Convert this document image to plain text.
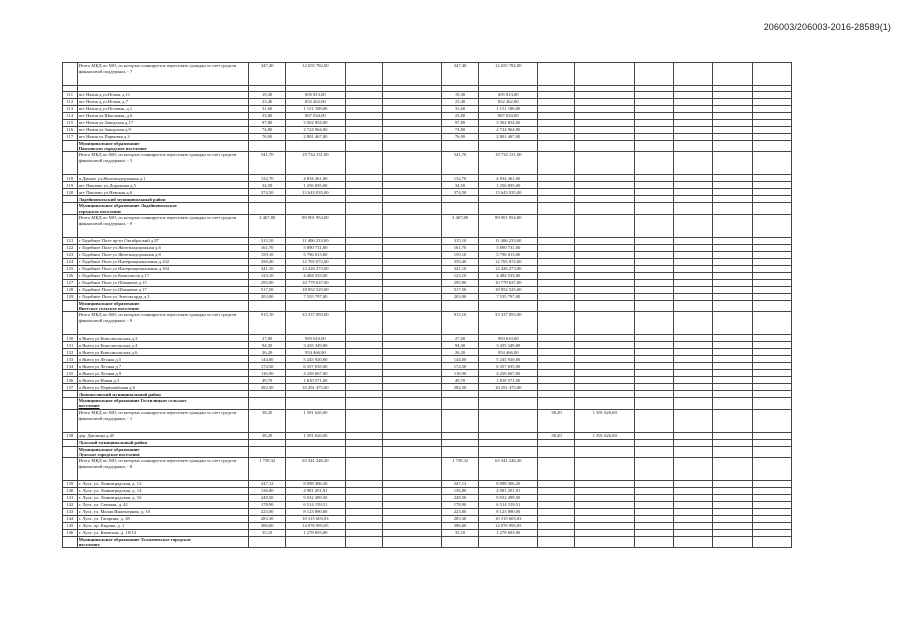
206003/206003-2016-28589(1)
	Итого МКД по МО, из которых планируется переселять граждан за счет средств финансовой поддержки, - 7	347,40	12 655 782,00			347,40	12 655 782,00						

111	пгт Назия д.ул.Новая, д.11	19,30	695 813,00			19,30	695 813,00						
112	пгт Назия д.ул.Новая, д.7	23,40	852 462,00			23,40	852 462,00						
113	пгт Назия д.ул.Полевая, д.1	31,60	1 151 188,00			31,60	1 151 188,00						
114	пгт Назия ул.Школьная, д.6	23,80	867 034,00			23,80	867 034,00						
115	пгт Назия ул.Заводская д.17	97,80	3 562 854,00			97,80	3 562 854,00						
116	пгт Назия ул.Заводская д.9	74,80	2 724 964,00			74,80	2 724 964,00						
117	пгт Назия ул.Парковая д.3	76,90	2 801 467,00			76,90	2 801 467,00						

	Муниципальное образование
Павловское городское поселение												

	Итого МКД по МО, из которых планируется переселять граждан за счет средств финансовой поддержки, - 3	541,70	19 734 131,00			541,70	19 734 131,00						
118	п Дачное ул.Железнодорожная д.1	132,70	4 834 261,00			132,70	4 834 261,00						
119	пгт Павлово ул.Дорожная д.5	34,50	1 256 835,00			34,50	1 256 835,00						
120	пгт Павлово ул.Невская д.6	374,50	13 643 035,00			374,50	13 643 035,00						

	Лодейнопольский муниципальный район												

	Муниципальное образование Лодейнопольское
городское поселение												

	Итого МКД по МО, из которых планируется переселять граждан за счет средств финансовой поддержки, - 9	2 467,80	89 901 954,00			2 467,80	89 901 954,00						
121	г Лодейное Поле пр-кт Октябрьский д.87	315,10	11 406 233,00			315,10	11 406 233,00						
122	г Лодейное Поле ул Железнодорожная д.6	161,70	5 890 731,00			161,70	5 890 731,00						
123	г Лодейное Поле ул Железнодорожная д.8	159,10	5 796 013,00			159,10	5 796 013,00						
124	г Лодейное Поле ул Интернациональная д.102	350,40	12 765 072,00			350,40	12 765 072,00						
125	г Лодейное Поле ул Интернациональная д.104	341,10	12 426 273,00			341,10	12 426 273,00						
126	г Лодейное Поле ул Комсомола д.17	123,10	4 484 533,00			123,10	4 484 533,00						
127	г Лодейное Поле ул Шамшева д.15	295,90	10 779 637,00			295,90	10 779 637,00						
128	г Лодейное Поле ул Шамшева д.17	517,50	18 852 525,00			517,50	18 852 525,00						
129	г Лодейное Поле ул Энгельгарда д.3	203,90	7 535 797,00			203,90	7 535 797,00						

	Муниципальное образование
Янегское сельское поселение												

	Итого МКД по МО, из которых планируется переселять граждан за счет средств финансовой поддержки, - 8	915,10	33 337 093,00			915,10	33 337 093,00						
130	п Янега ул Комсомольская д.3	27,00	983 610,00			27,00	983 610,00						
131	п Янега ул Комсомольская д.4	94,30	3 435 349,00			94,30	3 435 349,00						
132	п Янега ул Комсомольская д.6	26,20	954 466,00			26,20	954 466,00						
133	п Янега ул Лесная д.5	144,00	5 245 920,00			144,00	5 245 920,00						
134	п Янега ул Лесная д.7	174,50	6 357 035,00			174,50	6 357 035,00						
135	п Янега ул Лесная д.9	116,90	4 258 667,00			116,90	4 258 667,00						
136	п Янега ул Новая д.3	49,70	1 810 571,00			49,70	1 810 571,00						
137	п Янега ул Первомайская д.6	282,50	10 291 475,00			282,50	10 291 475,00						

	Ломоносовский муниципальный район												

	Муниципальное образование Гостилицкое сельское
поселение												

	Итого МКД по МО, из которых планируется переселять граждан за счет средств финансовой поддержки, - 1	38,20	1 391 626,00					38,20	1 391 626,00				
138	дер. Дятлицы д.45	38,20	1 391 626,00					38,20	1 391 626,00				

	Лужский муниципальный район												

	Муниципальное образование
Лужское городское поселение												

	Итого МКД по МО, из которых планируется переселять граждан за счет средств финансовой поддержки, - 8	1 739,32	63 341 246,20			1 739,32	63 341 246,20						
139	г. Луга, ул. Ленинградская, д. 12	247,12	8 998 306,20			247,12	8 998 306,20						
140	г. Луга, ул. Ленинградская, д. 14	136,80	4 981 201,91			136,80	4 981 201,91						
141	г. Луга, ул. Ленинградская, д. 16	248,50	9 032 499,50			248,50	9 032 499,50						
142	г. Луга, ул. Связная, д. 42	178,90	6 514 159,51			178,90	6 514 159,51						
143	г. Луга, ул. Малая Инженерная, д. 10	223,00	8 123 890,00			223,00	8 123 890,00						
144	г. Луга, ул. Гагарина, д. 38	283,30	10 315 603,03			283,30	10 315 603,03						
145	г. Луга, пр. Кирова, д. 1	386,60	14 076 993,05			386,60	14 076 993,05						
146	г. Луга, ул. Киевская, д. 10/14	35,10	1 278 693,00			35,10	1 278 693,00						

	Муниципальное образование Толмачевское городское
поселение												
